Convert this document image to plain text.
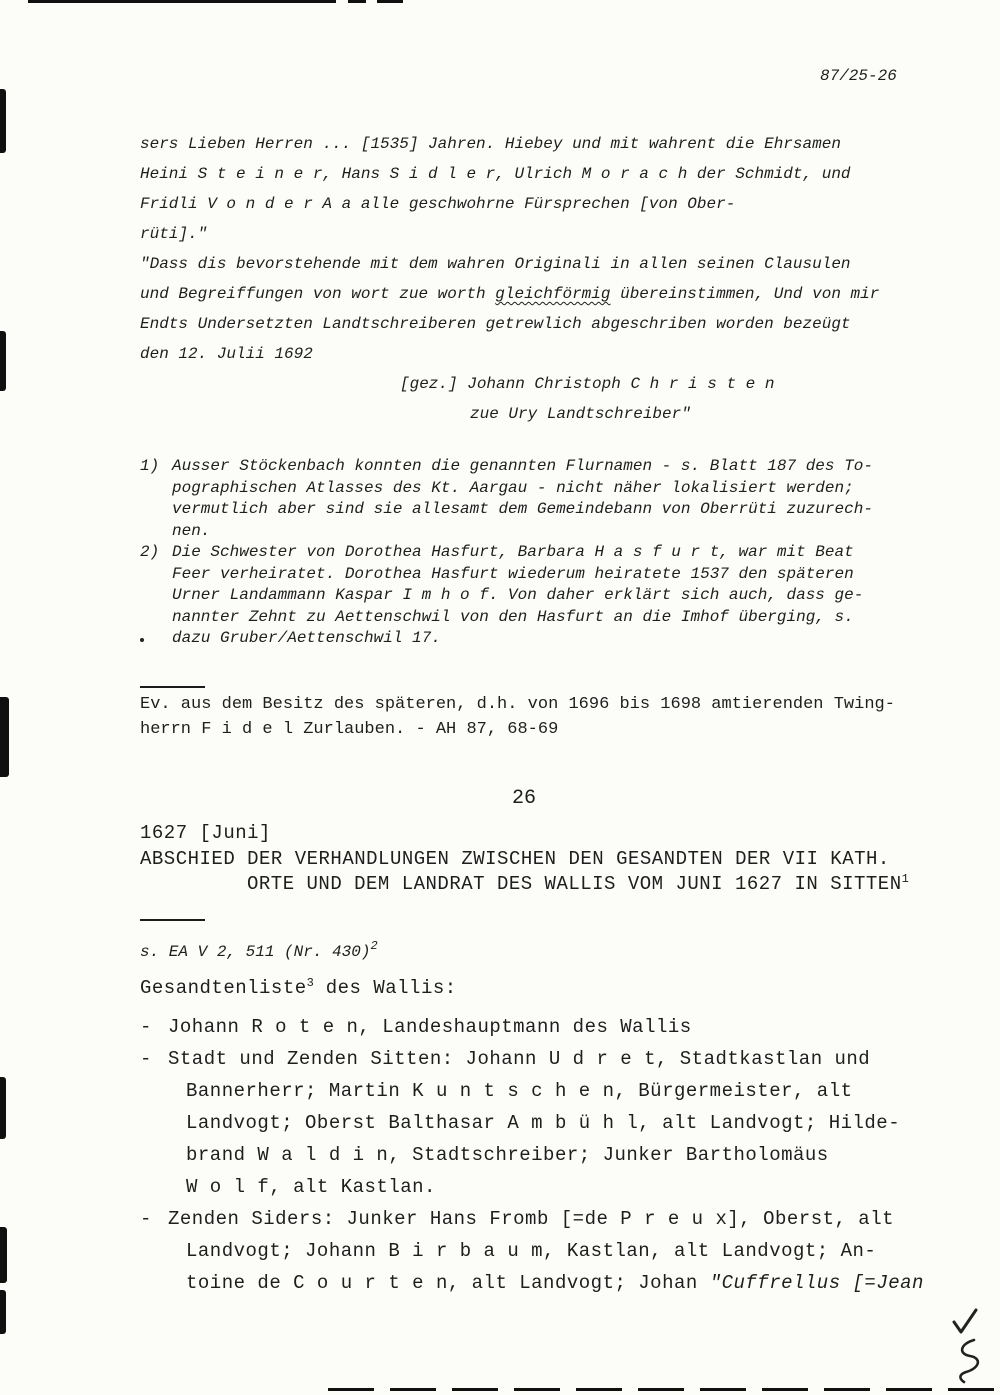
87/25-26
sers Lieben Herren ... [1535] Jahren. Hiebey und mit wahrent die Ehrsamen
Heini S t e i n e r, Hans S i d l e r, Ulrich M o r a c h der Schmidt, und
Fridli V o n d e r A a alle geschwohrne Fürsprechen [von Ober-
rüti]."
"Dass dis bevorstehende mit dem wahren Originali in allen seinen Clausulen
und Begreiffungen von wort zue worth gleichförmig übereinstimmen, Und von mir
Endts Undersetzten Landtschreiberen getrewlich abgeschriben worden bezeügt
den 12. Julii 1692
[gez.] Johann Christoph C h r i s t e n
zue Ury Landtschreiber"
1) Ausser Stöckenbach konnten die genannten Flurnamen - s. Blatt 187 des To-
pographischen Atlasses des Kt. Aargau - nicht näher lokalisiert werden;
vermutlich aber sind sie allesamt dem Gemeindebann von Oberrüti zuzurech-
nen.
2) Die Schwester von Dorothea Hasfurt, Barbara H a s f u r t, war mit Beat
Feer verheiratet. Dorothea Hasfurt wiederum heiratete 1537 den späteren
Urner Landammann Kaspar I m h o f. Von daher erklärt sich auch, dass ge-
nannter Zehnt zu Aettenschwil von den Hasfurt an die Imhof überging, s.
dazu Gruber/Aettenschwil 17.
Ev. aus dem Besitz des späteren, d.h. von 1696 bis 1698 amtierenden Twing-
herrn F i d e l Zurlauben. - AH 87, 68-69
26
1627 [Juni]
ABSCHIED DER VERHANDLUNGEN ZWISCHEN DEN GESANDTEN DER VII KATH.
ORTE UND DEM LANDRAT DES WALLIS VOM JUNI 1627 IN SITTEN$^1$
s. EA V 2, 511 (Nr. 430)$^2$
Gesandtenliste$^3$ des Wallis:
- Johann R o t e n, Landeshauptmann des Wallis
- Stadt und Zenden Sitten: Johann U d r e t, Stadtkastlan und
Bannerherr; Martin K u n t s c h e n, Bürgermeister, alt
Landvogt; Oberst Balthasar A m b ü h l, alt Landvogt; Hilde-
brand W a l d i n, Stadtschreiber; Junker Bartholomäus
W o l f, alt Kastlan.
- Zenden Siders: Junker Hans Fromb [=de P r e u x], Oberst, alt
Landvogt; Johann B i r b a u m, Kastlan, alt Landvogt; An-
toine de C o u r t e n, alt Landvogt; Johan "Cuffrellus [=Jean
